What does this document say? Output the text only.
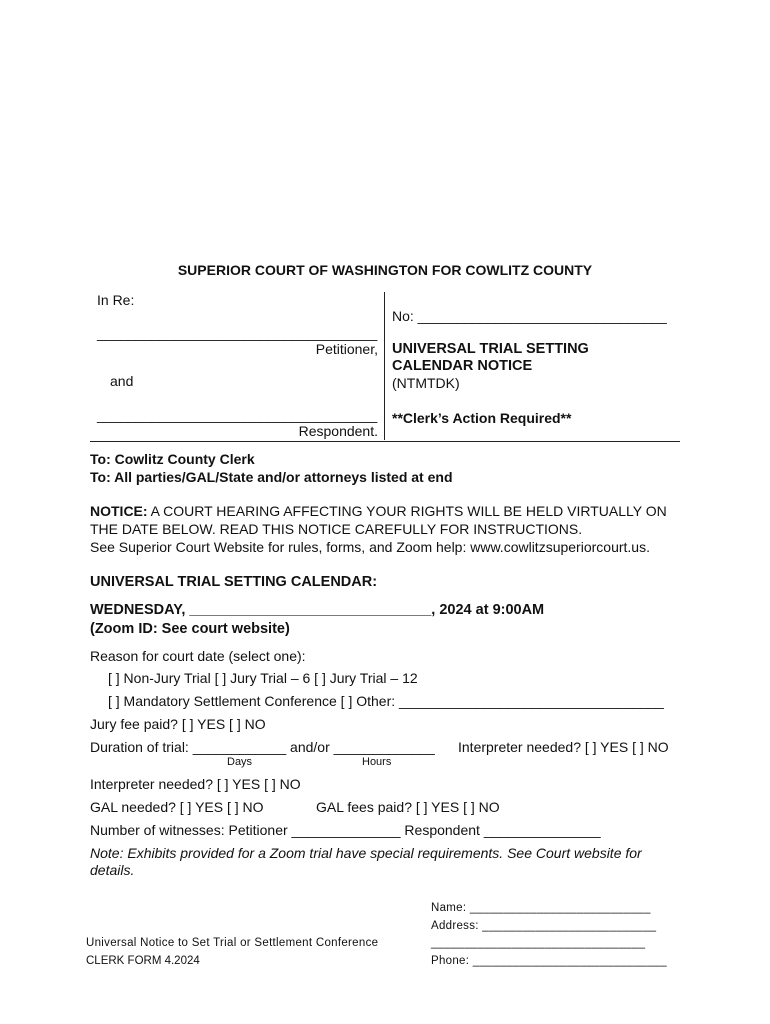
SUPERIOR COURT OF WASHINGTON FOR COWLITZ COUNTY
In Re:
____________________________________
Petitioner,
and
____________________________________
Respondent.
No: ________________________________
UNIVERSAL TRIAL SETTING
CALENDAR NOTICE
(NTMTDK)
**Clerk’s Action Required**
To: Cowlitz County Clerk
To: All parties/GAL/State and/or attorneys listed at end
NOTICE: A COURT HEARING AFFECTING YOUR RIGHTS WILL BE HELD VIRTUALLY ON
THE DATE BELOW. READ THIS NOTICE CAREFULLY FOR INSTRUCTIONS.
See Superior Court Website for rules, forms, and Zoom help: www.cowlitzsuperiorcourt.us.
UNIVERSAL TRIAL SETTING CALENDAR:
WEDNESDAY, ______________________________, 2024 at 9:00AM
(Zoom ID: See court website)
Reason for court date (select one):
[ ] Non-Jury Trial [ ] Jury Trial – 6 [ ] Jury Trial – 12
[ ] Mandatory Settlement Conference [ ] Other: __________________________________
Jury fee paid? [ ] YES [ ] NO
Duration of trial: ____________ and/or _____________ Interpreter needed? [ ] YES [ ] NO
Days	Hours
Interpreter needed? [ ] YES [ ] NO
GAL needed? [ ] YES [ ] NO	GAL fees paid? [ ] YES [ ] NO
Number of witnesses: Petitioner ______________ Respondent _______________
Note: Exhibits provided for a Zoom trial have special requirements. See Court website for
details.
Name: ___________________________
Address: __________________________
________________________________
Phone: _____________________________
Universal Notice to Set Trial or Settlement Conference
CLERK FORM 4.2024
